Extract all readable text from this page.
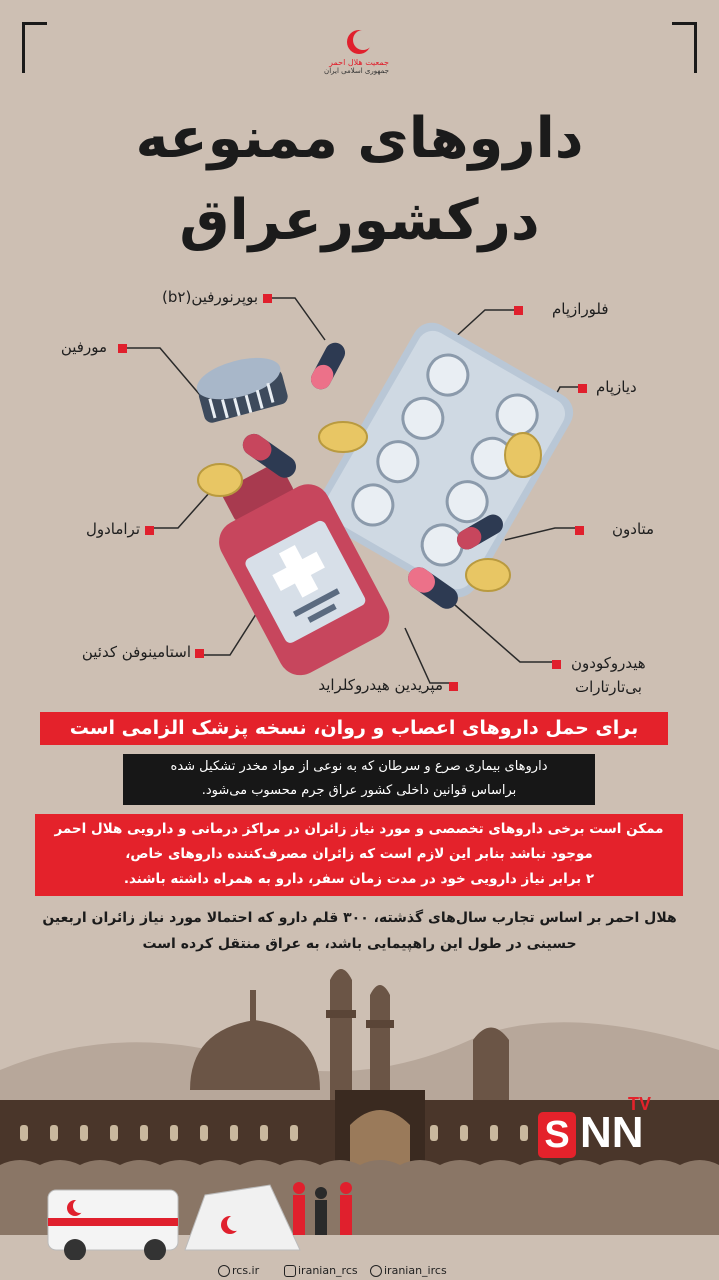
جمعیت هلال احمر
جمهوری اسلامی ایران
داروهای ممنوعه
درکشورعراق
بوپرنورفین(b۲)
فلورازپام
مورفین
دیازپام
ترامادول	متادون
استامینوفن کدئین
هیدروکودون
بی‌تارتارات
مپریدین هیدروکلراید
برای حمل داروهای اعصاب و روان، نسخه پزشک الزامی است
داروهای بیماری صرع و سرطان که به نوعی از مواد مخدر تشکیل شده
براساس قوانین داخلی کشور عراق جرم محسوب می‌شود.
ممکن است برخی داروهای تخصصی و مورد نیاز زائران در مراکز درمانی و دارویی هلال احمر
موجود نباشد بنابر این لازم است که زائران مصرف‌کننده داروهای خاص،
۲ برابر نیاز دارویی خود در مدت زمان سفر، دارو به همراه داشته باشند.
هلال احمر بر اساس تجارب سال‌های گذشته، ۳۰۰ قلم دارو که احتمالا مورد نیاز زائران اربعین
حسینی در طول این راهپیمایی باشد، به عراق منتقل کرده است
S NN
TV
rcs.ir	iranian_rcs iranian_ircs
